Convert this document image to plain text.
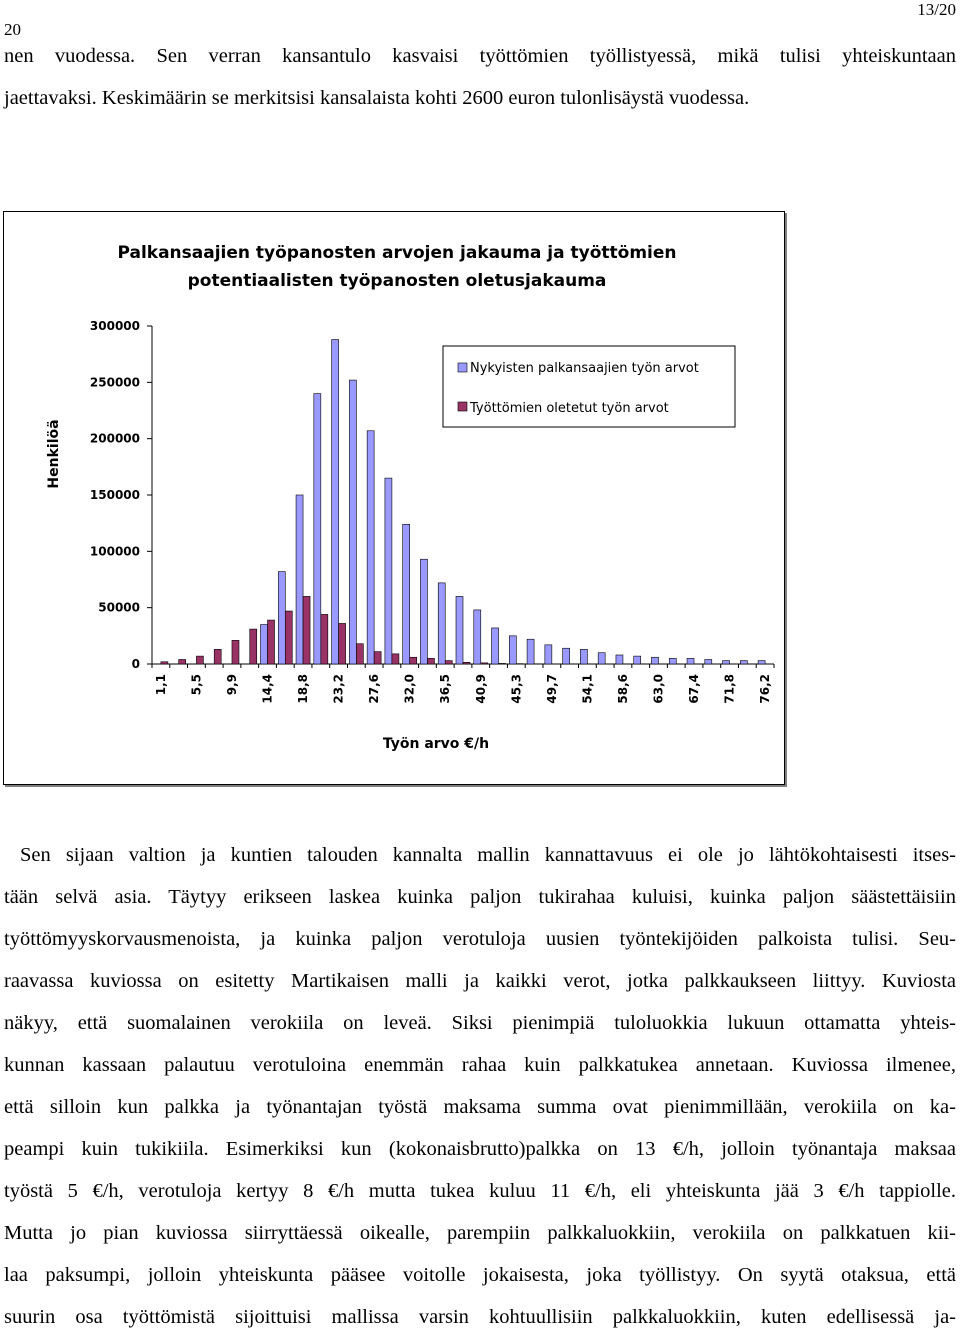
13/20
20
nen vuodessa. Sen verran kansantulo kasvaisi työttömien työllistyessä, mikä tulisi yhteiskuntaan
jaettavaksi. Keskimäärin se merkitsisi kansalaista kohti 2600 euron tulonlisäystä vuodessa.
Palkansaajien työpanosten arvojen jakauma ja työttömien
potentiaalisten työpanosten oletusjakauma
Henkilöä
Työn arvo €/h
300000
250000
200000
150000
100000
50000
0
1,1 5,5 9,9 14,4 18,8 23,2 27,6 32,0 36,5 40,9 45,3 49,7 54,1 58,6 63,0 67,4 71,8 76,2
Nykyisten palkansaajien työn arvot
Työttömien oletetut työn arvot
Sen sijaan valtion ja kuntien talouden kannalta mallin kannattavuus ei ole jo lähtökohtaisesti itses-
tään selvä asia. Täytyy erikseen laskea kuinka paljon tukirahaa kuluisi, kuinka paljon säästettäisiin
työttömyyskorvausmenoista, ja kuinka paljon verotuloja uusien työntekijöiden palkoista tulisi. Seu-
raavassa kuviossa on esitetty Martikaisen malli ja kaikki verot, jotka palkkaukseen liittyy. Kuviosta
näkyy, että suomalainen verokiila on leveä. Siksi pienimpiä tuloluokkia lukuun ottamatta yhteis-
kunnan kassaan palautuu verotuloina enemmän rahaa kuin palkkatukea annetaan. Kuviossa ilmenee,
että silloin kun palkka ja työnantajan työstä maksama summa ovat pienimmillään, verokiila on ka-
peampi kuin tukikiila. Esimerkiksi kun (kokonaisbrutto)palkka on 13 €/h, jolloin työnantaja maksaa
työstä 5 €/h, verotuloja kertyy 8 €/h mutta tukea kuluu 11 €/h, eli yhteiskunta jää 3 €/h tappiolle.
Mutta jo pian kuviossa siirryttäessä oikealle, parempiin palkkaluokkiin, verokiila on palkkatuen kii-
laa paksumpi, jolloin yhteiskunta pääsee voitolle jokaisesta, joka työllistyy. On syytä otaksua, että
suurin osa työttömistä sijoittuisi mallissa varsin kohtuullisiin palkkaluokkiin, kuten edellisessä ja-
